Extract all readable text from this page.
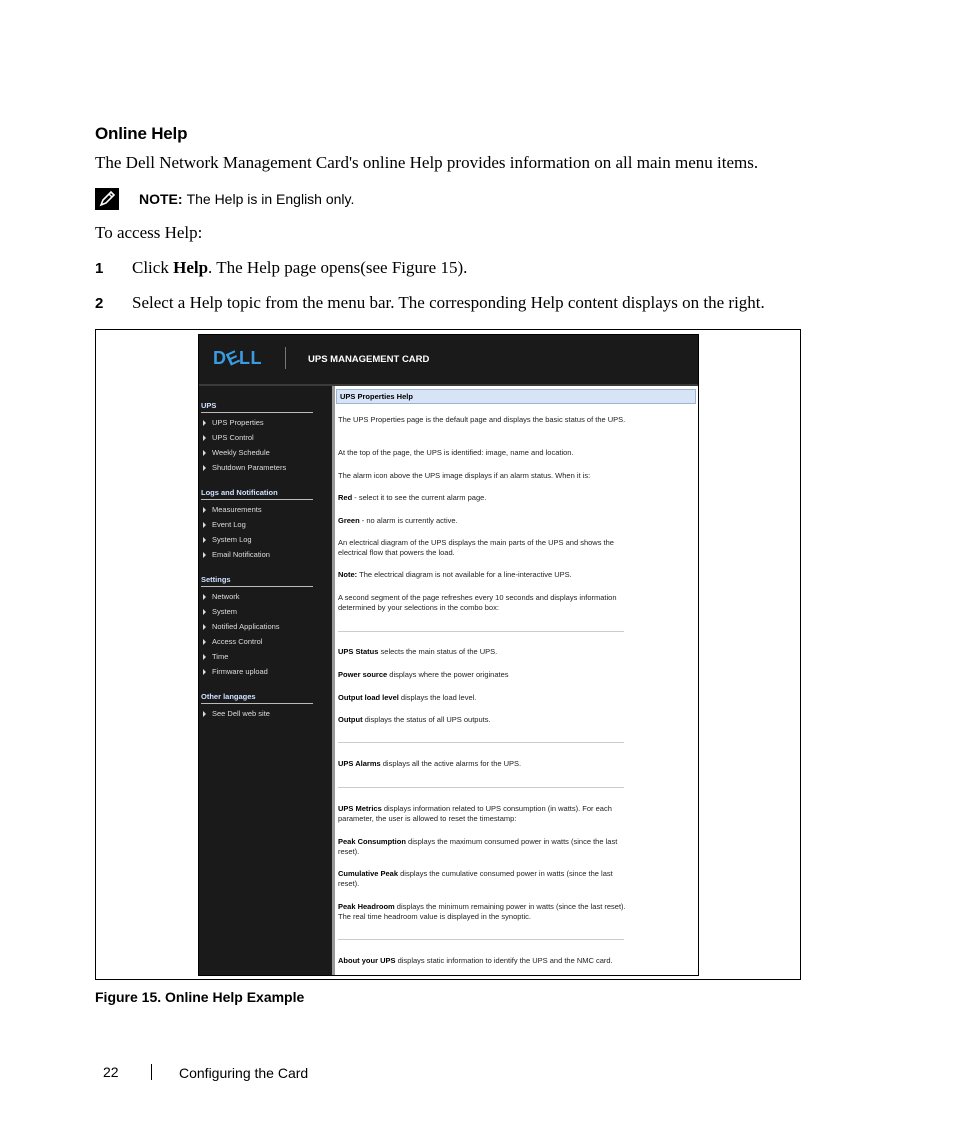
Online Help
The Dell Network Management Card's online Help provides information on all main menu items.
NOTE: The Help is in English only.
To access Help:
1 Click Help. The Help page opens(see Figure 15).
2 Select a Help topic from the menu bar. The corresponding Help content displays on the right.
DELL	UPS MANAGEMENT CARD
UPS
UPS Properties
UPS Control
Weekly Schedule
Shutdown Parameters
Logs and Notification
Measurements
Event Log
System Log
Email Notification
Settings
Network
System
Notified Applications
Access Control
Time
Firmware upload
Other langages
See Dell web site
UPS Properties Help
The UPS Properties page is the default page and displays the basic status of the UPS.
At the top of the page, the UPS is identified: image, name and location.
The alarm icon above the UPS image displays if an alarm status. When it is:
Red - select it to see the current alarm page.
Green - no alarm is currently active.
An electrical diagram of the UPS displays the main parts of the UPS and shows the electrical flow that powers the load.
Note: The electrical diagram is not available for a line-interactive UPS.
A second segment of the page refreshes every 10 seconds and displays information determined by your selections in the combo box:
UPS Status selects the main status of the UPS.
Power source displays where the power originates
Output load level displays the load level.
Output displays the status of all UPS outputs.
UPS Alarms displays all the active alarms for the UPS.
UPS Metrics displays information related to UPS consumption (in watts). For each parameter, the user is allowed to reset the timestamp:
Peak Consumption displays the maximum consumed power in watts (since the last reset).
Cumulative Peak displays the cumulative consumed power in watts (since the last reset).
Peak Headroom displays the minimum remaining power in watts (since the last reset). The real time headroom value is displayed in the synoptic.
About your UPS displays static information to identify the UPS and the NMC card.
Figure 15. Online Help Example
22	Configuring the Card
